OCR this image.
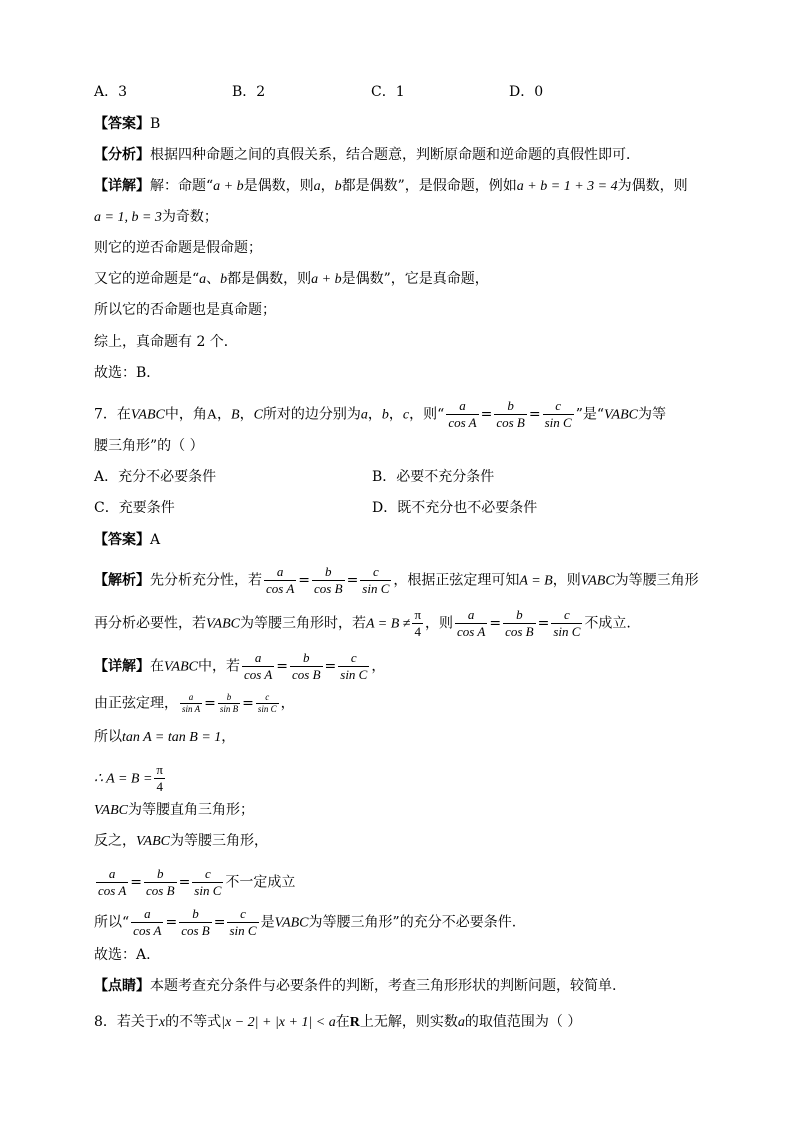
A．3	B．2	C．1	D．0
【答案】B
【分析】根据四种命题之间的真假关系，结合题意，判断原命题和逆命题的真假性即可．
【详解】解：命题“a + b是偶数，则a，b都是偶数”，是假命题，例如a + b = 1 + 3 = 4为偶数，则
a = 1, b = 3为奇数；
则它的逆否命题是假命题；
又它的逆命题是“a、b都是偶数，则a + b是偶数”，它是真命题，
所以它的否命题也是真命题；
综上，真命题有 2 个．
故选：B．
7．在VABC中，角A，B，C所对的边分别为a，b，c，则“ $\frac{a}{\text{cos A}} = \frac{b}{\text{cos B}} = \frac{c}{\text{sin C}}$ ”是“VABC为等
腰三角形”的（ ）
A．充分不必要条件	B．必要不充分条件
C．充要条件	D．既不充分也不必要条件
【答案】A
【解析】先分析充分性，若 $\frac{a}{\text{cos A}} = \frac{b}{\text{cos B}} = \frac{c}{\text{sin C}}$ ，根据正弦定理可知A = B，则VABC为等腰三角形
再分析必要性，若VABC为等腰三角形时，若$A = B \ne \frac{\pi}{4}$ ，则 $\frac{a}{\text{cos A}} = \frac{b}{\text{cos B}} = \frac{c}{\text{sin C}}$ 不成立.
【详解】在VABC中，若 $\frac{a}{\text{cos A}} = \frac{b}{\text{cos B}} = \frac{c}{\text{sin C}}$ ，
由正弦定理， $\frac{a}{\text{sin A}} = \frac{b}{\text{sin B}} = \frac{c}{\text{sin C}}$ ，
所以tan A = tan B = 1，
∴ $A = B = \frac{\pi}{4}$
VABC为等腰直角三角形；
反之，VABC为等腰三角形，
$\frac{a}{\text{cos A}} = \frac{b}{\text{cos B}} = \frac{c}{\text{sin C}}$ 不一定成立
所以“ $\frac{a}{\text{cos A}} = \frac{b}{\text{cos B}} = \frac{c}{\text{sin C}}$ 是VABC为等腰三角形”的充分不必要条件.
故选：A.
【点睛】本题考查充分条件与必要条件的判断，考查三角形形状的判断问题，较简单.
8．若关于x的不等式|x − 2| + |x + 1| < a在R上无解，则实数a的取值范围为（ ）
